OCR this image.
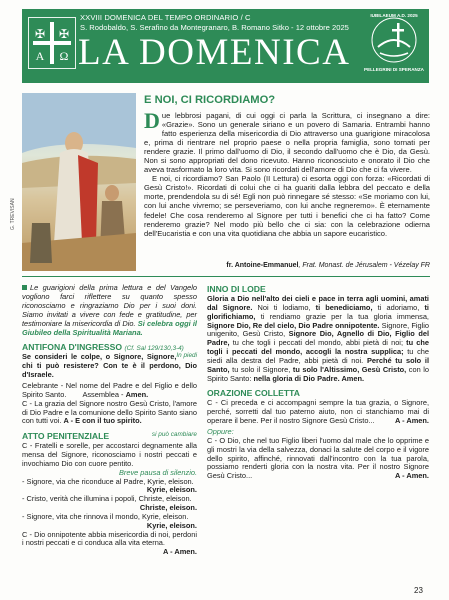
✠ ✠
A Ω
XXVIII DOMENICA DEL TEMPO ORDINARIO / C
S. Rodobaldo, S. Serafino da Montegranaro, B. Romano Sitko - 12 ottobre 2025
LA DOMENICA
IUBILAEUM A.D. 2025
PELLEGRINI DI SPERANZA
G. TREVISAN
E NOI, CI RICORDIAMO?

Due lebbrosi pagani, di cui oggi ci parla la Scrittura, ci insegnano a dire: «Grazie». Sono un generale siriano e un povero di Samaria. Entrambi hanno fatto esperienza della misericordia di Dio attraverso una guarigione miracolosa e, prima di rientrare nel proprio paese o nella propria famiglia, sono tornati per rendere grazie. Il primo dall'uomo di Dio, il secondo dall'uomo che è Dio, da Gesù. Non si sono appropriati del dono ricevuto. Hanno riconosciuto e onorato il Dio che aveva trasformato la loro vita. Si sono ricordati dell'amore di Dio che ci fa vivere.

E noi, ci ricordiamo? San Paolo (II Lettura) ci esorta oggi con forza: «Ricordati di Gesù Cristo!». Ricordati di colui che ci ha guariti dalla lebbra del peccato e della morte, prendendola su di sé! Egli non può rinnegare sé stesso: «Se moriamo con lui, con lui anche vivremo; se perseveriamo, con lui anche regneremo». È eternamente fedele! Che cosa renderemo al Signore per tutti i benefici che ci ha fatto? Come renderemo grazie? Nel modo più bello che ci sia: con la celebrazione odierna dell'Eucaristia e con una vita quotidiana che abbia un sapore eucaristico.

fr. Antoine-Emmanuel, Frat. Monast. de Jérusalem - Vézelay FR

Le guarigioni della prima lettura e del Vangelo vogliono farci riflettere su quanto spesso riconosciamo e ringraziamo Dio per i suoi doni. Siamo invitati a vivere con fede e gratitudine, per testimoniare la misericordia di Dio. Si celebra oggi il Giubileo della Spiritualità Mariana.

ANTIFONA D'INGRESSO (Cf. Sal 129/130,3-4)
In piedi

Se consideri le colpe, o Signore, Signore, chi ti può resistere? Con te è il perdono, Dio d'Israele.

Celebrante - Nel nome del Padre e del Figlio e dello Spirito Santo. Assemblea - Amen.

C - La grazia del Signore nostro Gesù Cristo, l'amore di Dio Padre e la comunione dello Spirito Santo siano con tutti voi. A - E con il tuo spirito.

ATTO PENITENZIALE	si può cambiare

C - Fratelli e sorelle, per accostarci degnamente alla mensa del Signore, riconosciamo i nostri peccati e invochiamo Dio con cuore pentito.

Breve pausa di silenzio.

- Signore, via che riconduce al Padre, Kyrie, eleison.

Kyrie, eleison.

- Cristo, verità che illumina i popoli, Christe, eleison.

Christe, eleison.

- Signore, vita che rinnova il mondo, Kyrie, eleison.

Kyrie, eleison.

C - Dio onnipotente abbia misericordia di noi, perdoni i nostri peccati e ci conduca alla vita eterna.
A - Amen.

INNO DI LODE

Gloria a Dio nell'alto dei cieli e pace in terra agli uomini, amati dal Signore. Noi ti lodiamo, ti benediciamo, ti adoriamo, ti glorifichiamo, ti rendiamo grazie per la tua gloria immensa, Signore Dio, Re del cielo, Dio Padre onnipotente. Signore, Figlio unigenito, Gesù Cristo, Signore Dio, Agnello di Dio, Figlio del Padre, tu che togli i peccati del mondo, abbi pietà di noi; tu che togli i peccati del mondo, accogli la nostra supplica; tu che siedi alla destra del Padre, abbi pietà di noi. Perché tu solo il Santo, tu solo il Signore, tu solo l'Altissimo, Gesù Cristo, con lo Spirito Santo: nella gloria di Dio Padre. Amen.

ORAZIONE COLLETTA

C - Ci preceda e ci accompagni sempre la tua grazia, o Signore, perché, sorretti dal tuo paterno aiuto, non ci stanchiamo mai di operare il bene. Per il nostro Signore Gesù Cristo...	A - Amen.

Oppure:

C - O Dio, che nel tuo Figlio liberi l'uomo dal male che lo opprime e gli mostri la via della salvezza, donaci la salute del corpo e il vigore dello spirito, affinché, rinnovati dall'incontro con la tua parola, possiamo renderti gloria con la nostra vita. Per il nostro Signore Gesù Cristo...	A - Amen.

23
